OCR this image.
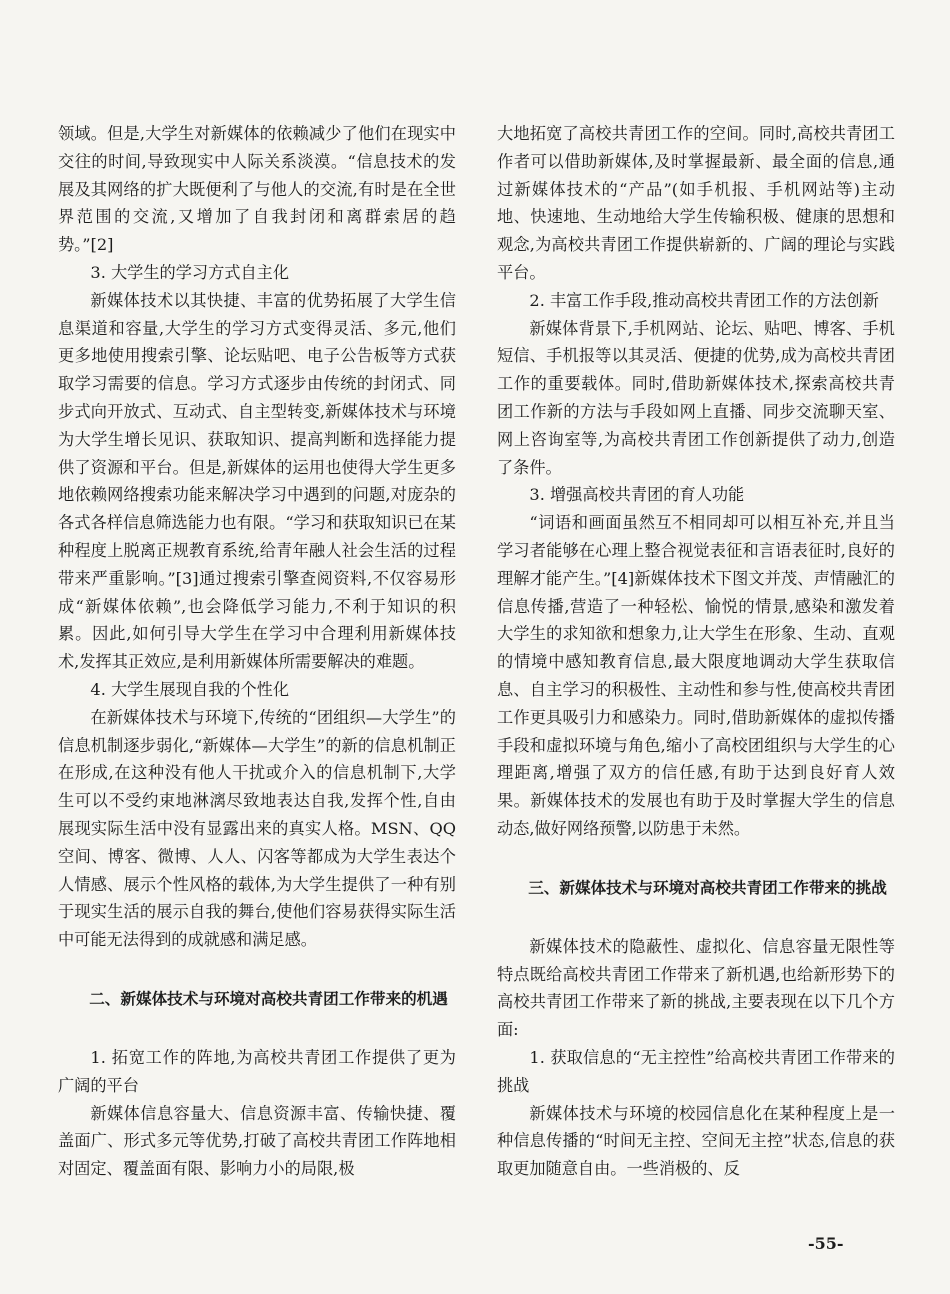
领域。但是,大学生对新媒体的依赖减少了他们在现实中交往的时间,导致现实中人际关系淡漠。“信息技术的发展及其网络的扩大既便利了与他人的交流,有时是在全世界范围的交流,又增加了自我封闭和离群索居的趋势。”[2]

3. 大学生的学习方式自主化

新媒体技术以其快捷、丰富的优势拓展了大学生信息渠道和容量,大学生的学习方式变得灵活、多元,他们更多地使用搜索引擎、论坛贴吧、电子公告板等方式获取学习需要的信息。学习方式逐步由传统的封闭式、同步式向开放式、互动式、自主型转变,新媒体技术与环境为大学生增长见识、获取知识、提高判断和选择能力提供了资源和平台。但是,新媒体的运用也使得大学生更多地依赖网络搜索功能来解决学习中遇到的问题,对庞杂的各式各样信息筛选能力也有限。“学习和获取知识已在某种程度上脱离正规教育系统,给青年融人社会生活的过程带来严重影响。”[3]通过搜索引擎查阅资料,不仅容易形成“新媒体依赖”,也会降低学习能力,不利于知识的积累。因此,如何引导大学生在学习中合理利用新媒体技术,发挥其正效应,是利用新媒体所需要解决的难题。

4. 大学生展现自我的个性化

在新媒体技术与环境下,传统的“团组织—大学生”的信息机制逐步弱化,“新媒体—大学生”的新的信息机制正在形成,在这种没有他人干扰或介入的信息机制下,大学生可以不受约束地淋漓尽致地表达自我,发挥个性,自由展现实际生活中没有显露出来的真实人格。MSN、QQ空间、博客、微博、人人、闪客等都成为大学生表达个人情感、展示个性风格的载体,为大学生提供了一种有别于现实生活的展示自我的舞台,使他们容易获得实际生活中可能无法得到的成就感和满足感。

二、新媒体技术与环境对高校共青团工作带来的机遇

1. 拓宽工作的阵地,为高校共青团工作提供了更为广阔的平台

新媒体信息容量大、信息资源丰富、传输快捷、覆盖面广、形式多元等优势,打破了高校共青团工作阵地相对固定、覆盖面有限、影响力小的局限,极

大地拓宽了高校共青团工作的空间。同时,高校共青团工作者可以借助新媒体,及时掌握最新、最全面的信息,通过新媒体技术的“产品”(如手机报、手机网站等)主动地、快速地、生动地给大学生传输积极、健康的思想和观念,为高校共青团工作提供崭新的、广阔的理论与实践平台。

2. 丰富工作手段,推动高校共青团工作的方法创新

新媒体背景下,手机网站、论坛、贴吧、博客、手机短信、手机报等以其灵活、便捷的优势,成为高校共青团工作的重要载体。同时,借助新媒体技术,探索高校共青团工作新的方法与手段如网上直播、同步交流聊天室、网上咨询室等,为高校共青团工作创新提供了动力,创造了条件。

3. 增强高校共青团的育人功能

“词语和画面虽然互不相同却可以相互补充,并且当学习者能够在心理上整合视觉表征和言语表征时,良好的理解才能产生。”[4]新媒体技术下图文并茂、声情融汇的信息传播,营造了一种轻松、愉悦的情景,感染和激发着大学生的求知欲和想象力,让大学生在形象、生动、直观的情境中感知教育信息,最大限度地调动大学生获取信息、自主学习的积极性、主动性和参与性,使高校共青团工作更具吸引力和感染力。同时,借助新媒体的虚拟传播手段和虚拟环境与角色,缩小了高校团组织与大学生的心理距离,增强了双方的信任感,有助于达到良好育人效果。新媒体技术的发展也有助于及时掌握大学生的信息动态,做好网络预警,以防患于未然。

三、新媒体技术与环境对高校共青团工作带来的挑战

新媒体技术的隐蔽性、虚拟化、信息容量无限性等特点既给高校共青团工作带来了新机遇,也给新形势下的高校共青团工作带来了新的挑战,主要表现在以下几个方面:

1. 获取信息的“无主控性”给高校共青团工作带来的挑战

新媒体技术与环境的校园信息化在某种程度上是一种信息传播的“时间无主控、空间无主控”状态,信息的获取更加随意自由。一些消极的、反

-55-
